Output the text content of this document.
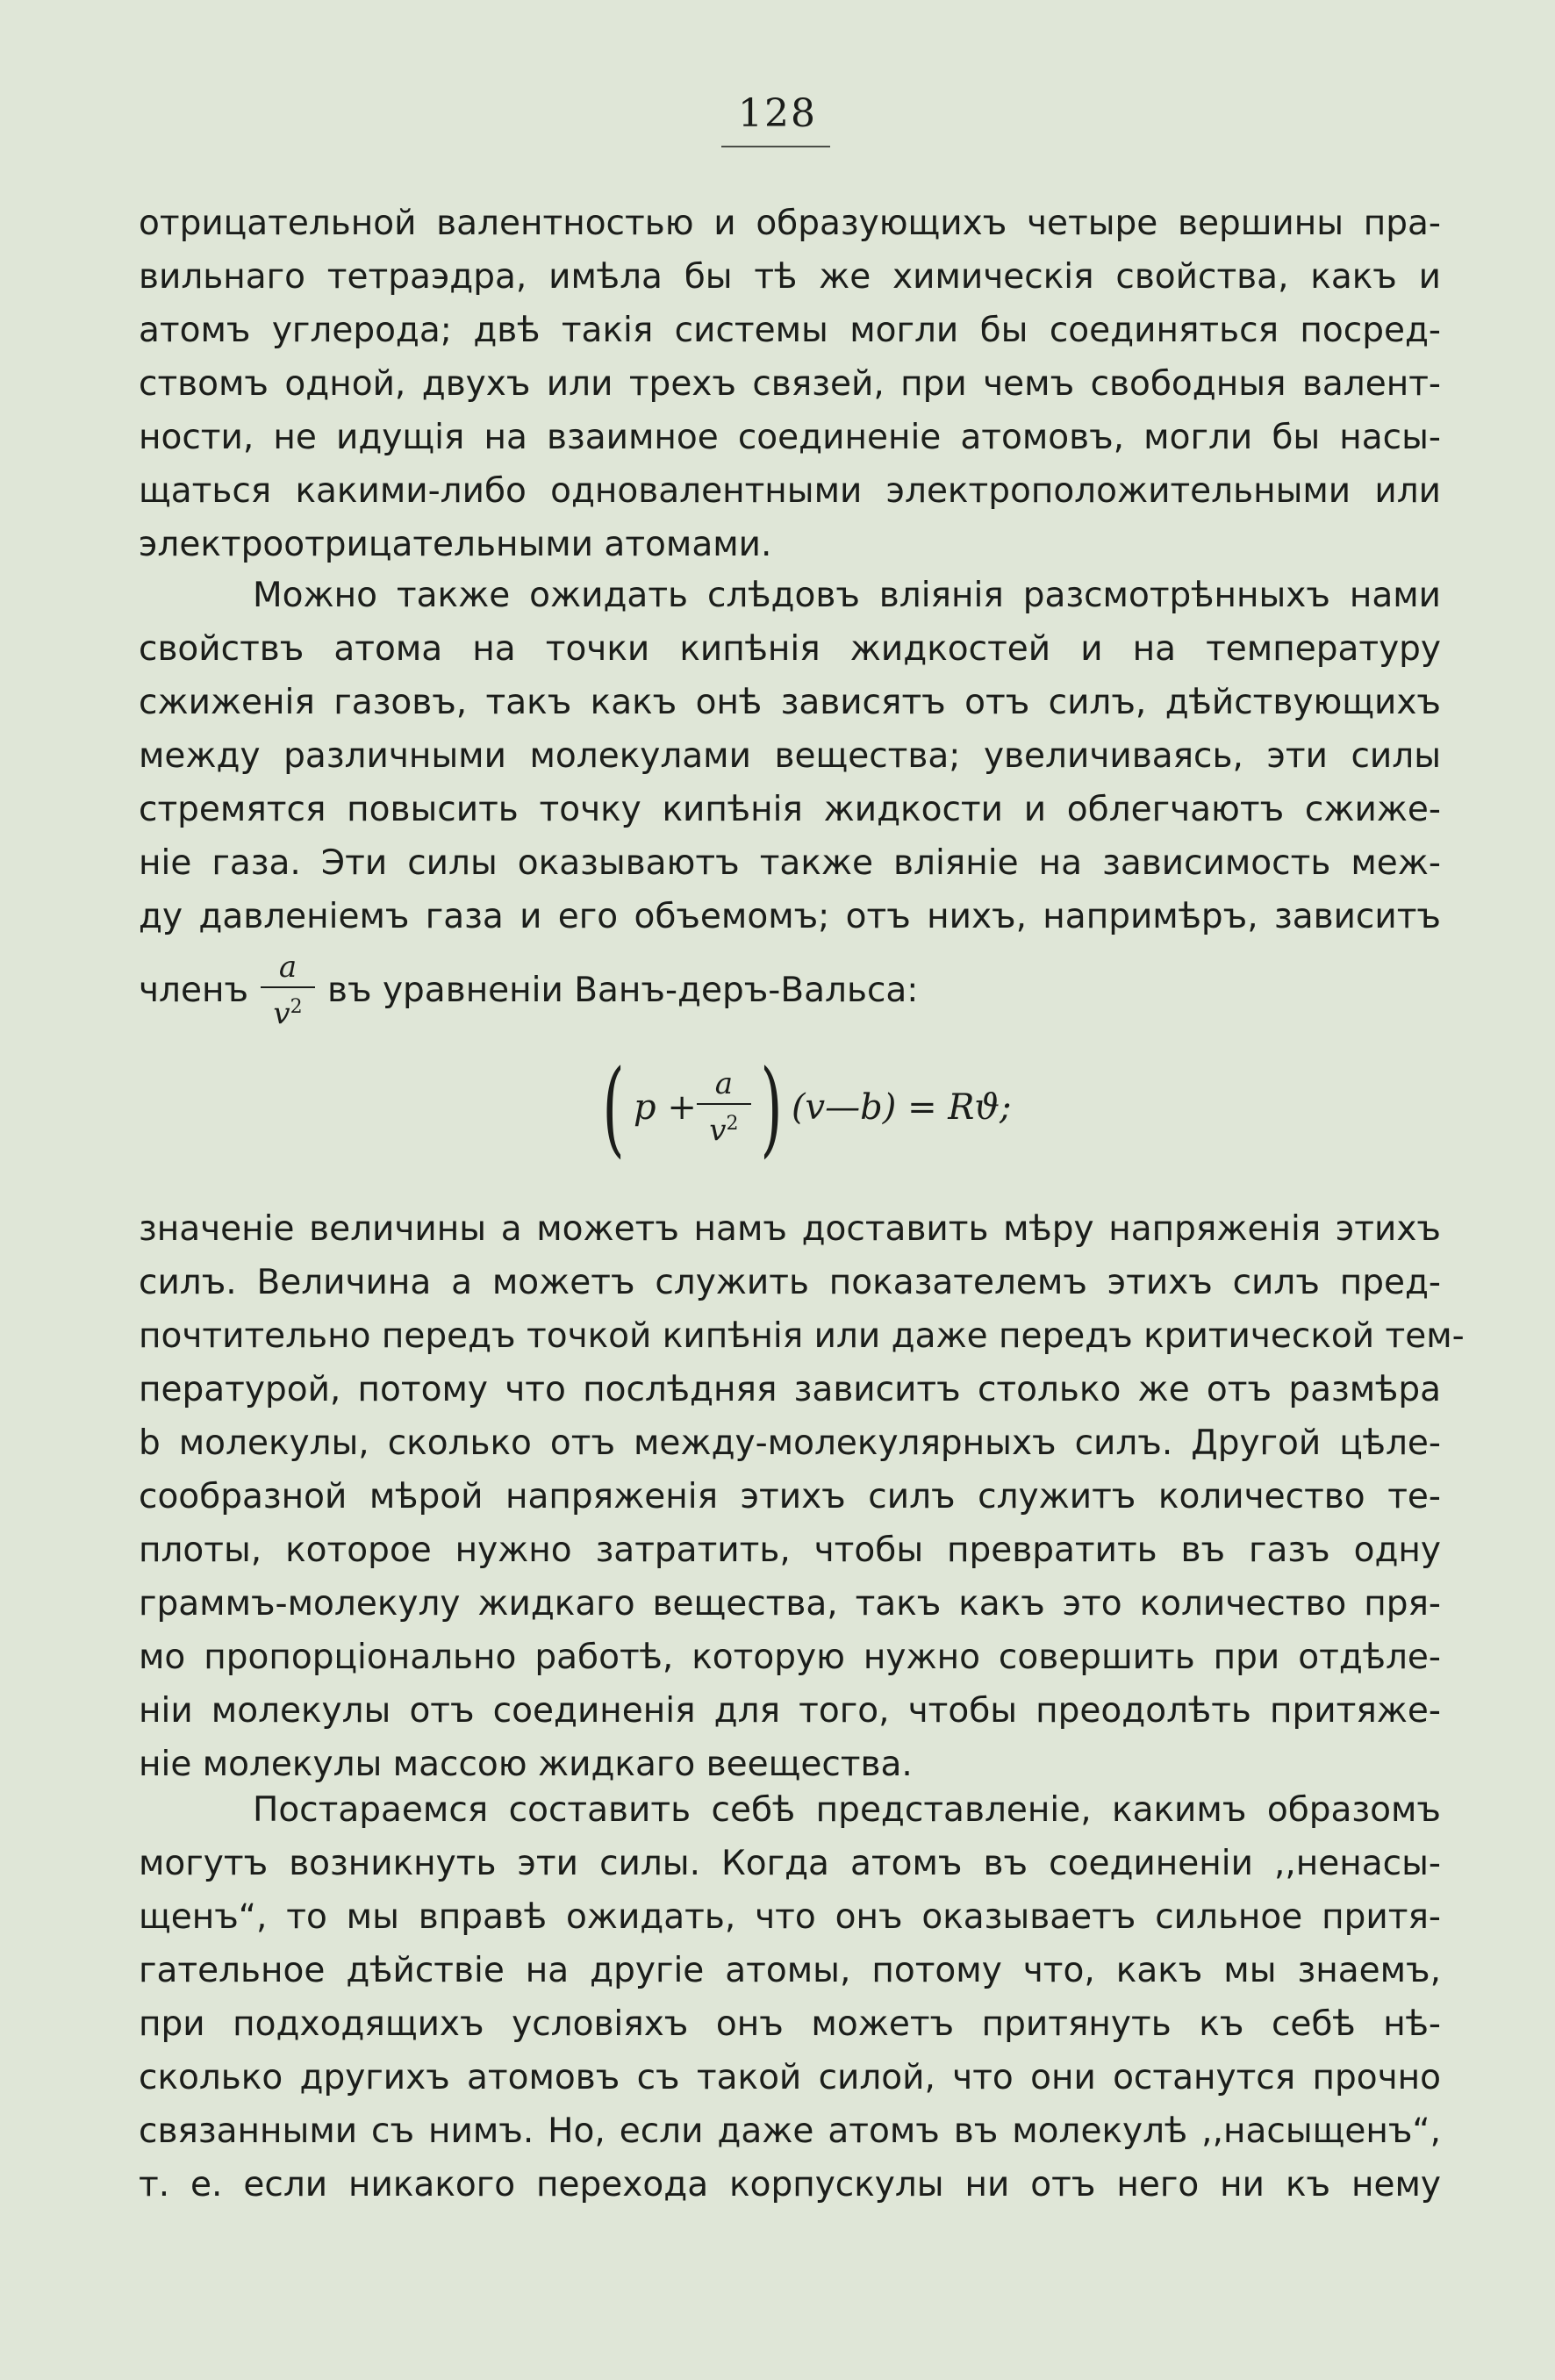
128
отрицательной валентностью и образующихъ четыре вершины пра-
вильнаго тетраэдра, имѣла бы тѣ же химическія свойства, какъ и
атомъ углерода; двѣ такія системы могли бы соединяться посред-
ствомъ одной, двухъ или трехъ связей, при чемъ свободныя валент-
ности, не идущія на взаимное соединеніе атомовъ, могли бы насы-
щаться какими-либо одновалентными электроположительными или
электроотрицательными атомами.
Можно также ожидать слѣдовъ вліянія разсмотрѣнныхъ нами
свойствъ атома на точки кипѣнія жидкостей и на температуру
сжиженія газовъ, такъ какъ онѣ зависятъ отъ силъ, дѣйствующихъ
между различными молекулами вещества; увеличиваясь, эти силы
стремятся повысить точку кипѣнія жидкости и облегчаютъ сжиже-
ніе газа. Эти силы оказываютъ также вліяніе на зависимость меж-
ду давленіемъ газа и его объемомъ; отъ нихъ, напримѣръ, зависитъ
членъ $\frac{a}{v^2}$ въ уравненіи Ванъ-деръ-Вальса:
( $p + \frac{a}{v^2}$ ) (v—b) = Rϑ;
значеніе величины a можетъ намъ доставить мѣру напряженія этихъ
силъ. Величина a можетъ служить показателемъ этихъ силъ пред-
почтительно передъ точкой кипѣнія или даже передъ критической тем-
пературой, потому что послѣдняя зависитъ столько же отъ размѣра
b молекулы, сколько отъ между-молекулярныхъ силъ. Другой цѣле-
сообразной мѣрой напряженія этихъ силъ служитъ количество те-
плоты, которое нужно затратить, чтобы превратить въ газъ одну
граммъ-молекулу жидкаго вещества, такъ какъ это количество пря-
мо пропорціонально работѣ, которую нужно совершить при отдѣле-
ніи молекулы отъ соединенія для того, чтобы преодолѣть притяже-
ніе молекулы массою жидкаго веещества.
Постараемся составить себѣ представленіе, какимъ образомъ
могутъ возникнуть эти силы. Когда атомъ въ соединеніи ,,ненасы-
щенъ“, то мы вправѣ ожидать, что онъ оказываетъ сильное притя-
гательное дѣйствіе на другіе атомы, потому что, какъ мы знаемъ,
при подходящихъ условіяхъ онъ можетъ притянуть къ себѣ нѣ-
сколько другихъ атомовъ съ такой силой, что они останутся прочно
связанными съ нимъ. Но, если даже атомъ въ молекулѣ ,,насыщенъ“,
т. е. если никакого перехода корпускулы ни отъ него ни къ нему
